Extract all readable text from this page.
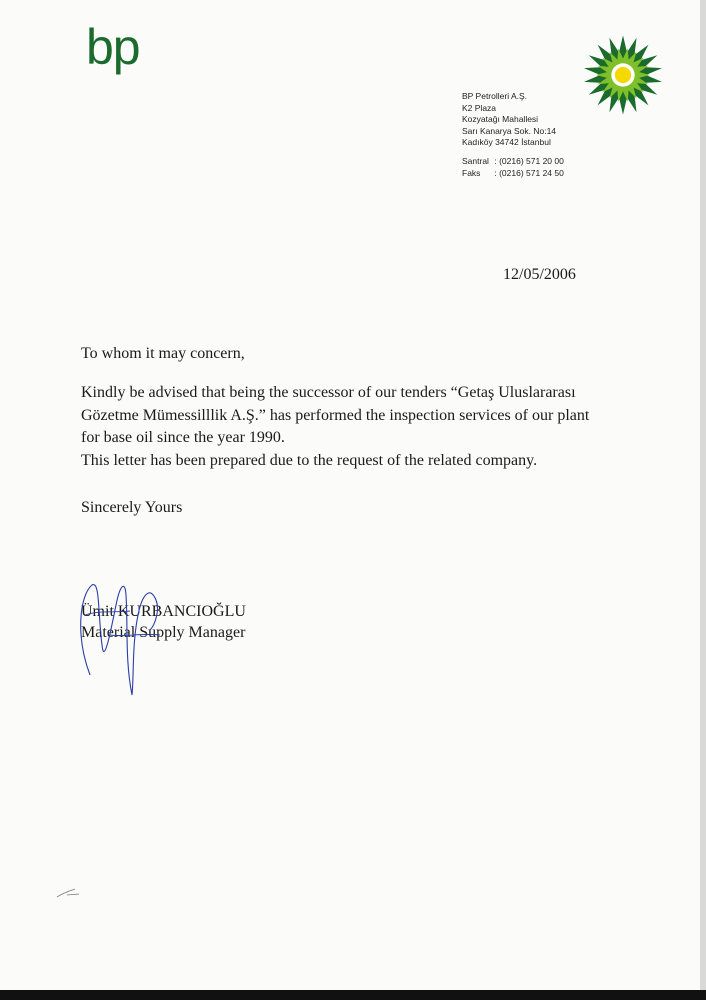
bp
BP Petrolleri A.Ş.
K2 Plaza
Kozyatağı Mahallesi
Sarı Kanarya Sok. No:14
Kadıköy 34742 İstanbul
Santral : (0216) 571 20 00
Faks : (0216) 571 24 50
12/05/2006
To whom it may concern,
Kindly be advised that being the successor of our tenders “Getaş Uluslararası
Gözetme Mümessilllik A.Ş.” has performed the inspection services of our plant
for base oil since the year 1990.
This letter has been prepared due to the request of the related company.
Sincerely Yours
Ümit KURBANCIOĞLU
Material Supply Manager
